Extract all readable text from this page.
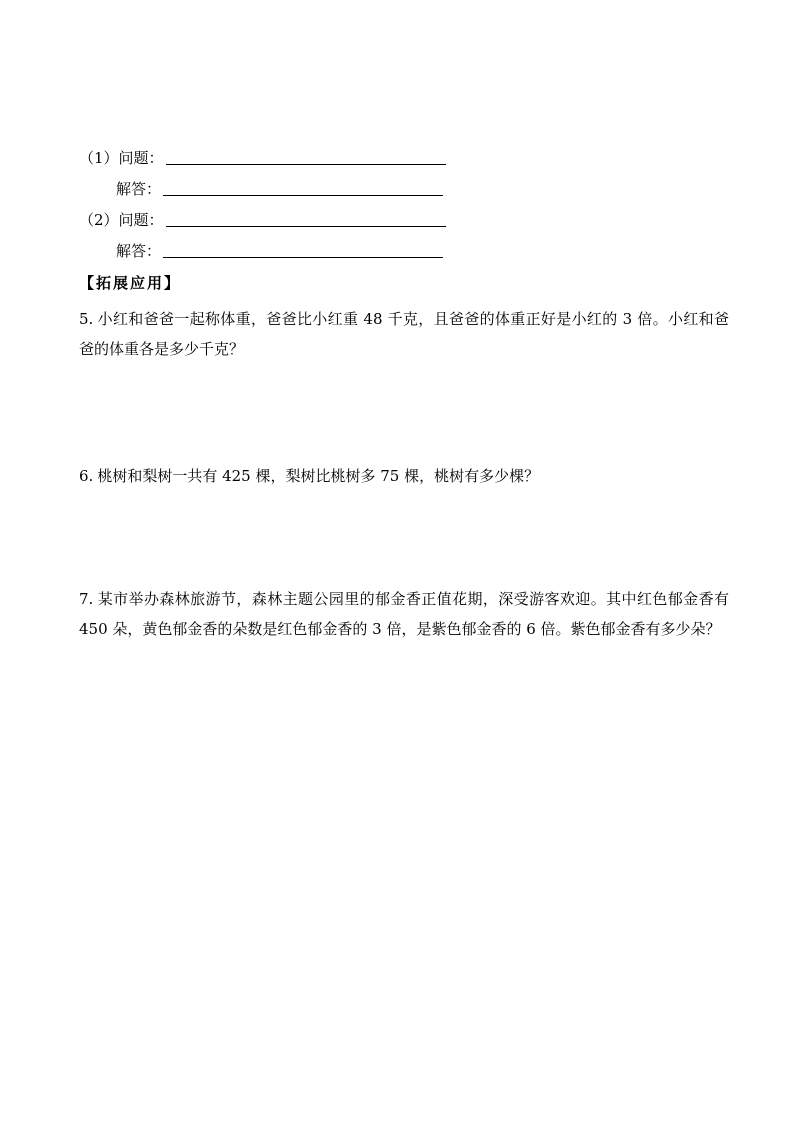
（1）问题：
解答：
（2）问题：
解答：
【拓展应用】
5. 小红和爸爸一起称体重，爸爸比小红重 48 千克，且爸爸的体重正好是小红的 3 倍。小红和爸爸的体重各是多少千克？
6. 桃树和梨树一共有 425 棵，梨树比桃树多 75 棵，桃树有多少棵？
7. 某市举办森林旅游节，森林主题公园里的郁金香正值花期，深受游客欢迎。其中红色郁金香有 450 朵，黄色郁金香的朵数是红色郁金香的 3 倍，是紫色郁金香的 6 倍。紫色郁金香有多少朵？
